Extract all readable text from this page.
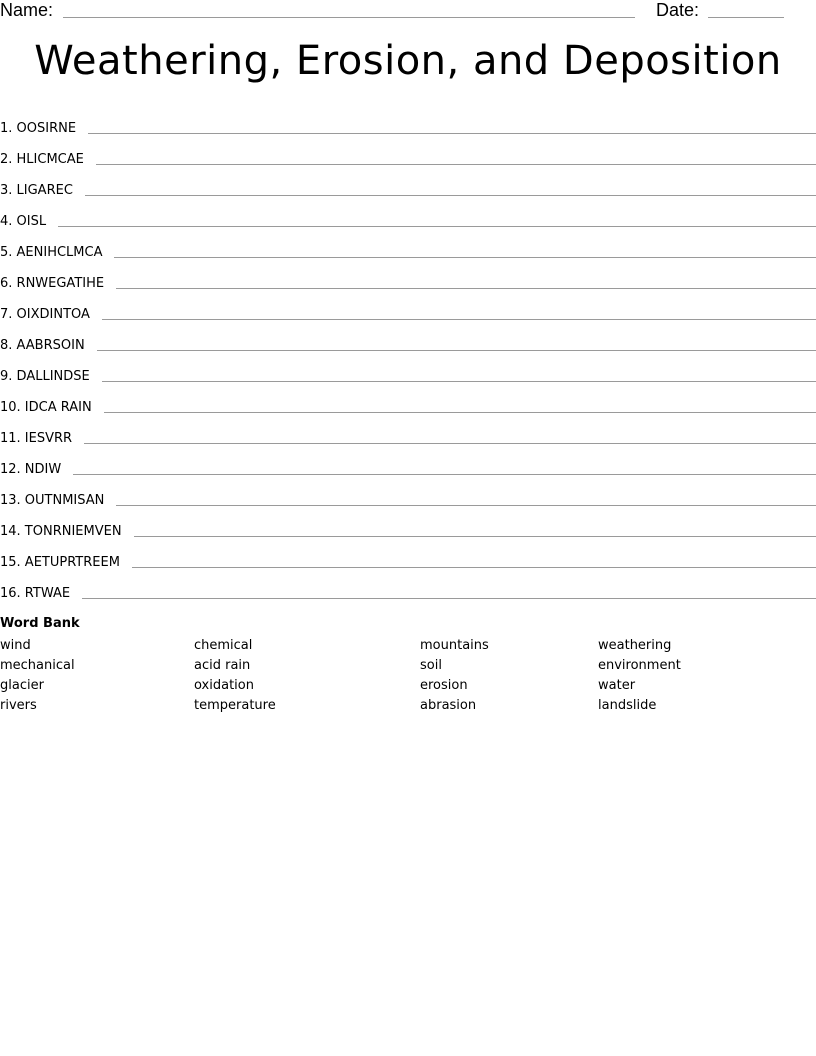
Name:	Date:
Weathering, Erosion, and Deposition
1. OOSIRNE
2. HLICMCAE
3. LIGAREC
4. OISL
5. AENIHCLMCA
6. RNWEGATIHE
7. OIXDINTOA
8. AABRSOIN
9. DALLINDSE
10. IDCA RAIN
11. IESVRR
12. NDIW
13. OUTNMISAN
14. TONRNIEMVEN
15. AETUPRTREEM
16. RTWAE
Word Bank
wind
mechanical
glacier
rivers
chemical
acid rain
oxidation
temperature
mountains
soil
erosion
abrasion
weathering
environment
water
landslide
